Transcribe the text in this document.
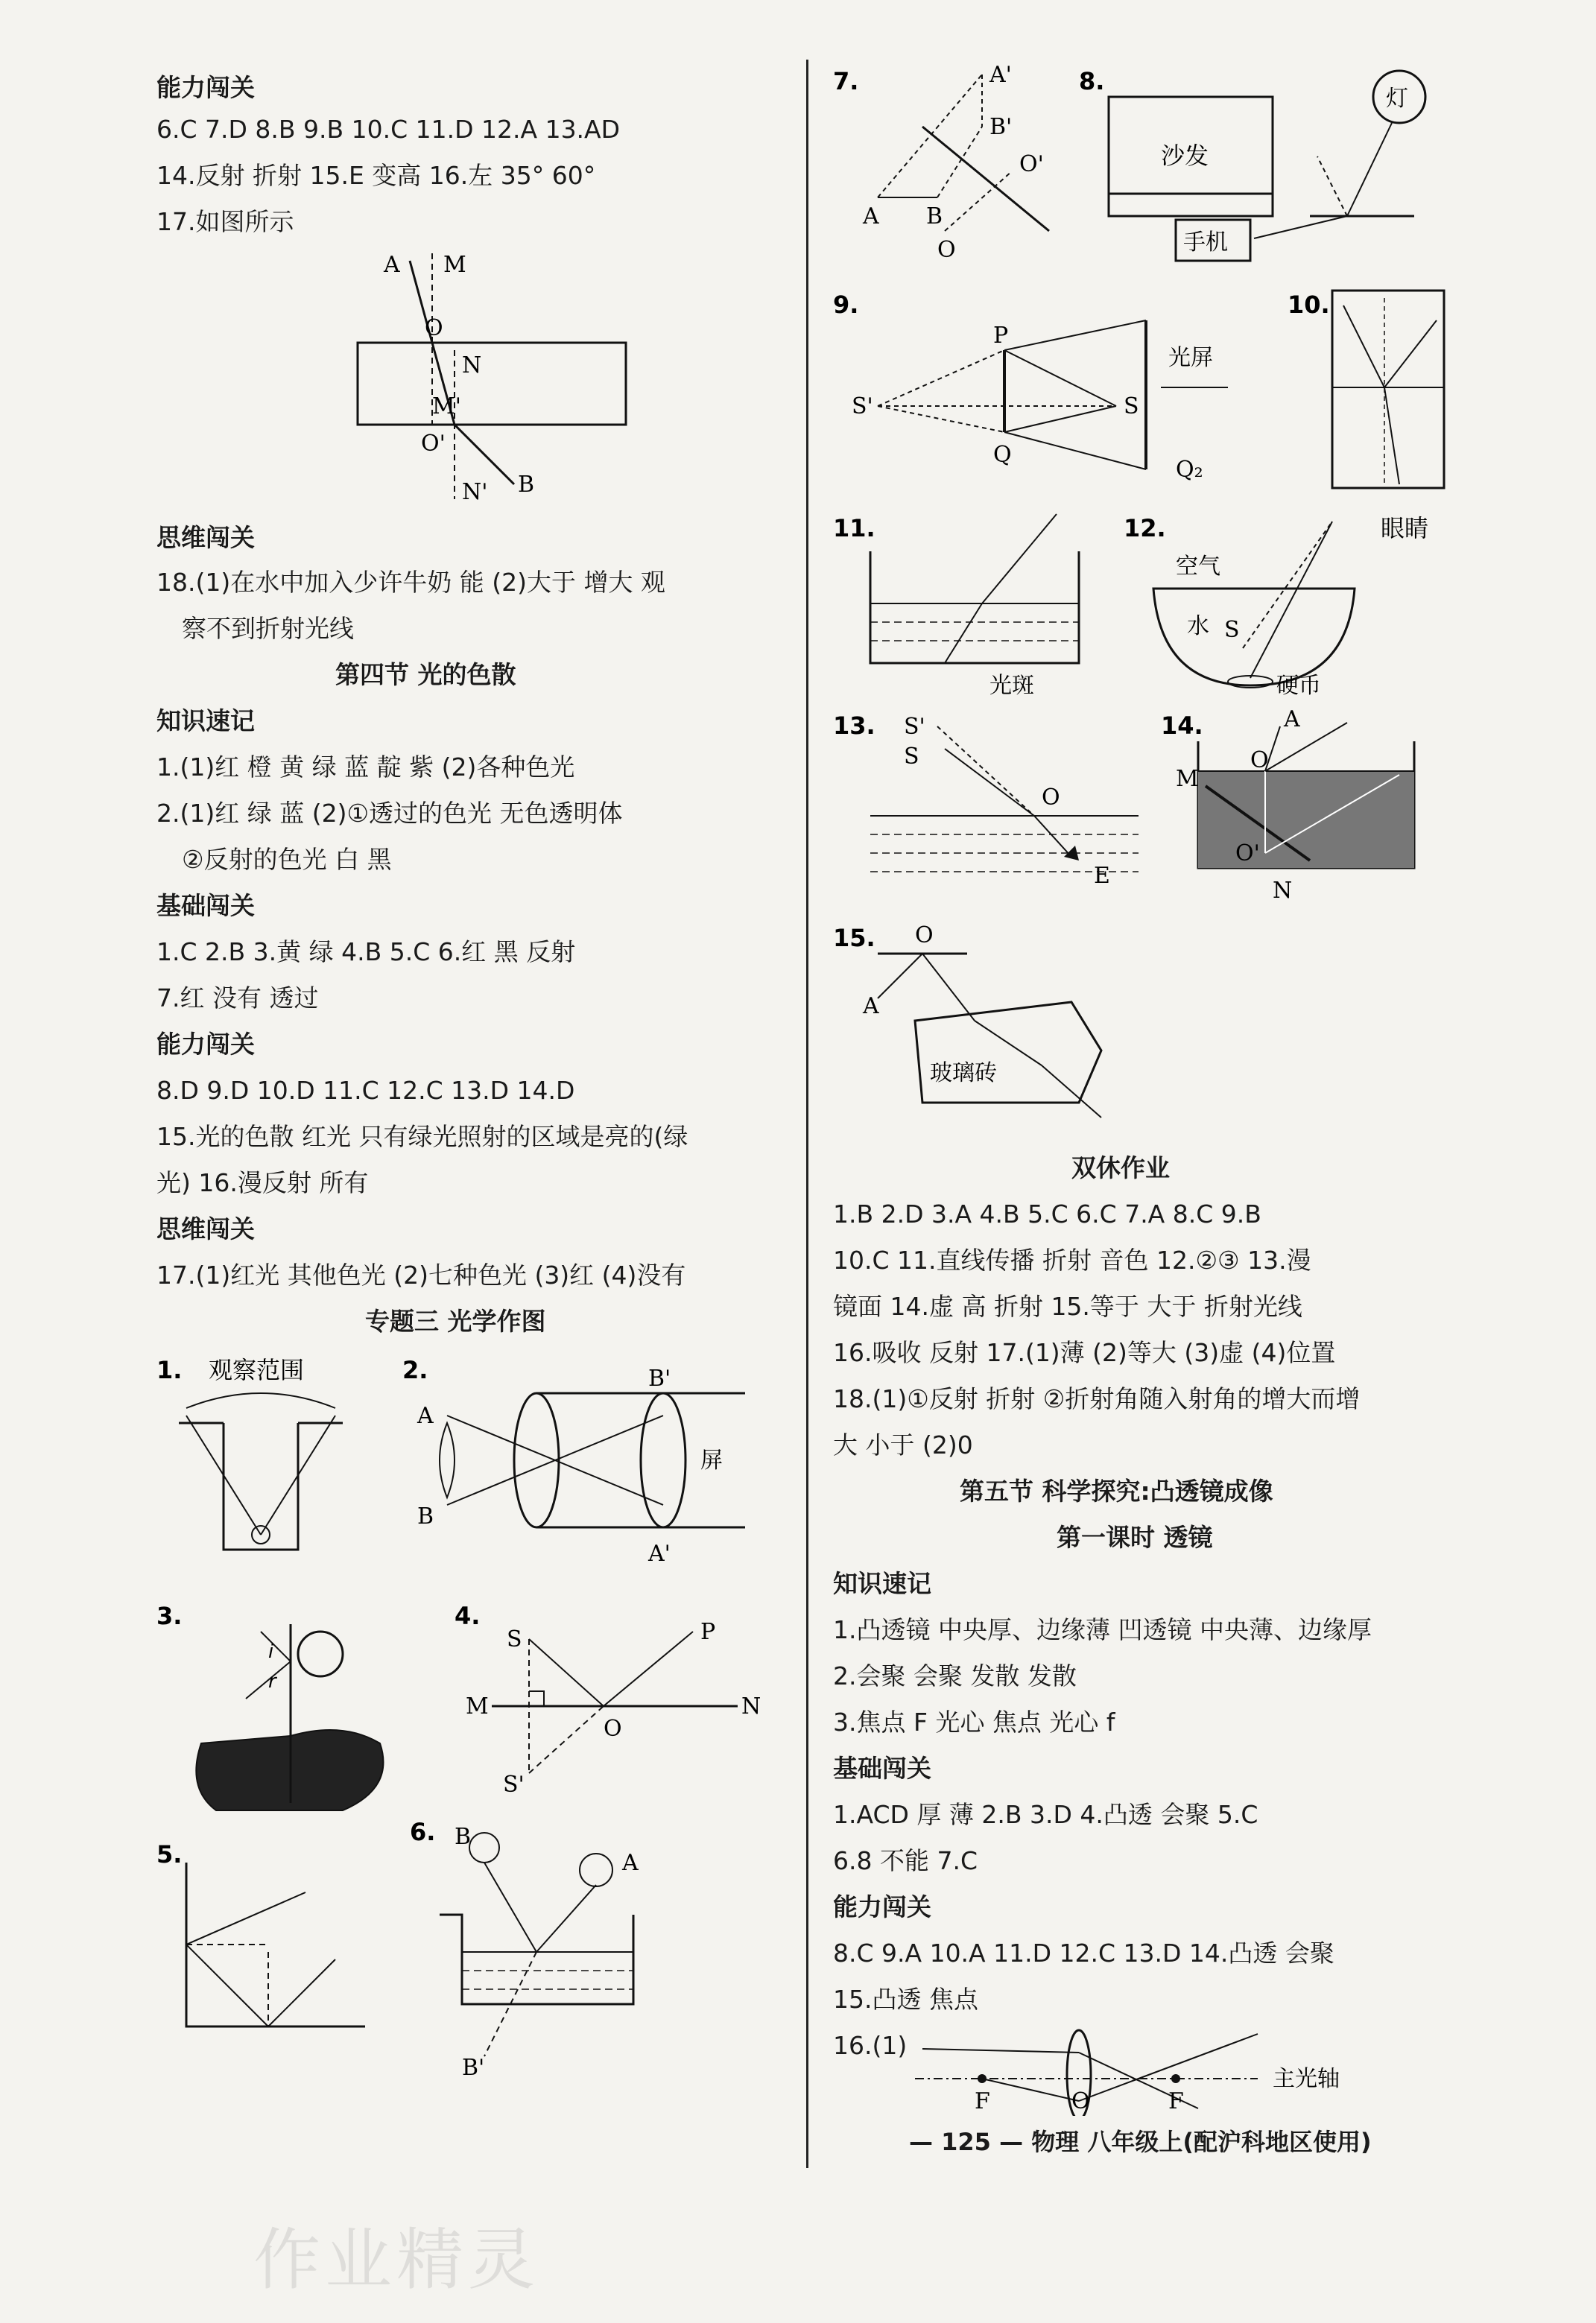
能力闯关
6.C 7.D 8.B 9.B 10.C 11.D 12.A 13.AD
14.反射 折射 15.E 变高 16.左 35° 60°
17.如图所示
A M
O
N
M'
O'
N' B
思维闯关
18.(1)在水中加入少许牛奶 能 (2)大于 增大 观
察不到折射光线
第四节 光的色散
知识速记
1.(1)红 橙 黄 绿 蓝 靛 紫 (2)各种色光
2.(1)红 绿 蓝 (2)①透过的色光 无色透明体
②反射的色光 白 黑
基础闯关
1.C 2.B 3.黄 绿 4.B 5.C 6.红 黑 反射
7.红 没有 透过
能力闯关
8.D 9.D 10.D 11.C 12.C 13.D 14.D
15.光的色散 红光 只有绿光照射的区域是亮的(绿
光) 16.漫反射 所有
思维闯关
17.(1)红光 其他色光 (2)七种色光 (3)红 (4)没有
专题三 光学作图
1. 观察范围	2.
A
B
B'
A'
屏
3.
i
r
4.
S	P
M	N
O
S'
5.
6. B
A
B'
7.	A'
B'
O'
A B
O
8.
沙发
手机
灯
9.
P
S'	S
Q
Q₂
光屏
10.
11.
光斑
12.	眼睛
空气
水 S
硬币
13. S'
S
O
E
14.	A
O
M
O'
N
15. O
A
玻璃砖
双休作业
1.B 2.D 3.A 4.B 5.C 6.C 7.A 8.C 9.B
10.C 11.直线传播 折射 音色 12.②③ 13.漫
镜面 14.虚 高 折射 15.等于 大于 折射光线
16.吸收 反射 17.(1)薄 (2)等大 (3)虚 (4)位置
18.(1)①反射 折射 ②折射角随入射角的增大而增
大 小于 (2)0
第五节 科学探究:凸透镜成像
第一课时 透镜
知识速记
1.凸透镜 中央厚、边缘薄 凹透镜 中央薄、边缘厚
2.会聚 会聚 发散 发散
3.焦点 F 光心 焦点 光心 f
基础闯关
1.ACD 厚 薄 2.B 3.D 4.凸透 会聚 5.C
6.8 不能 7.C
能力闯关
8.C 9.A 10.A 11.D 12.C 13.D 14.凸透 会聚
15.凸透 焦点
16.(1)
F	O	F
主光轴
— 125 — 物理 八年级上(配沪科地区使用)
作业精灵
